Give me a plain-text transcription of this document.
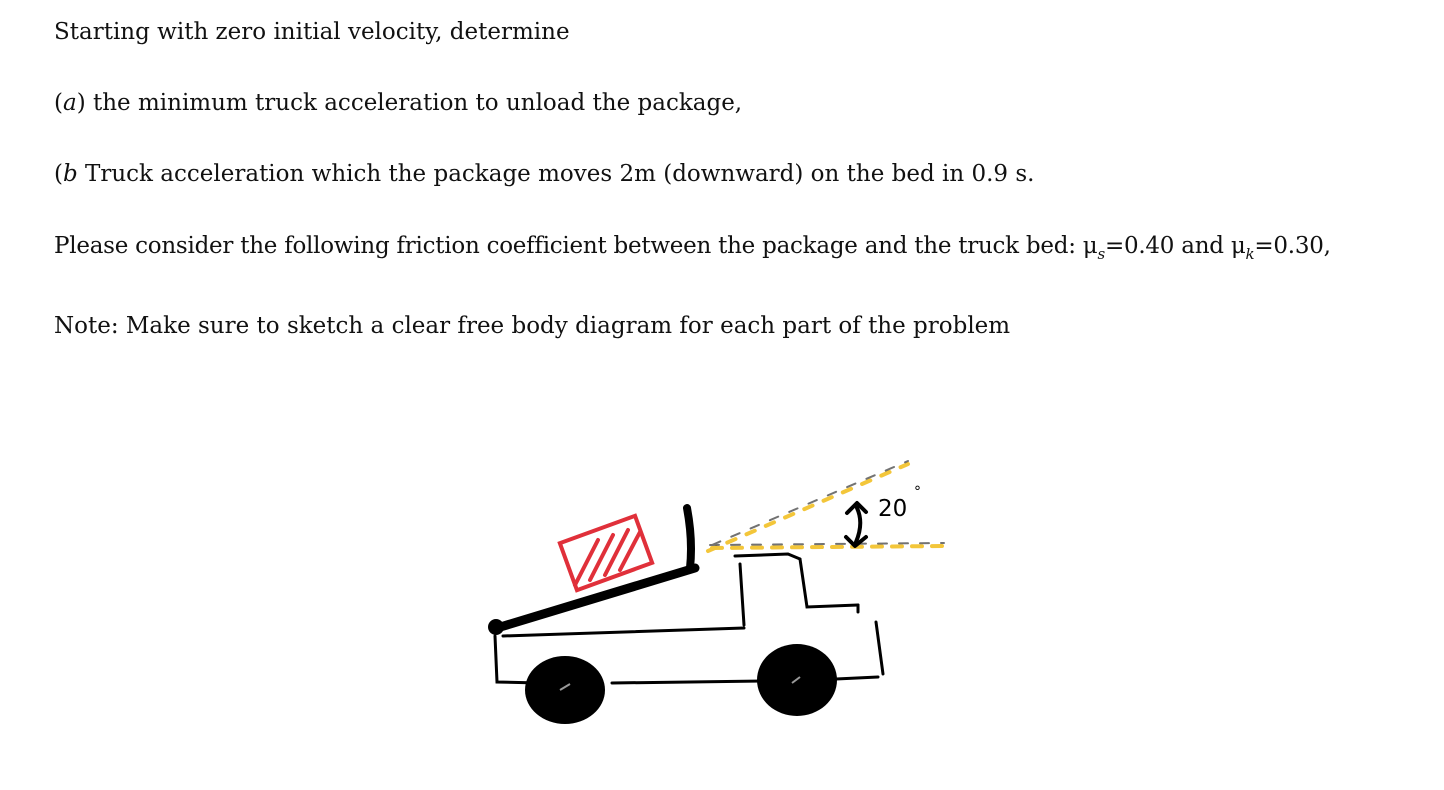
Starting with zero initial velocity, determine
(a) the minimum truck acceleration to unload the package,
(b Truck acceleration which the package moves 2m (downward) on the bed in 0.9 s.
Please consider the following friction coefficient between the package and the truck bed: $\mu_s=0.40$ and $\mu_k=0.30$,
Note: Make sure to sketch a clear free body diagram for each part of the problem
20
°
